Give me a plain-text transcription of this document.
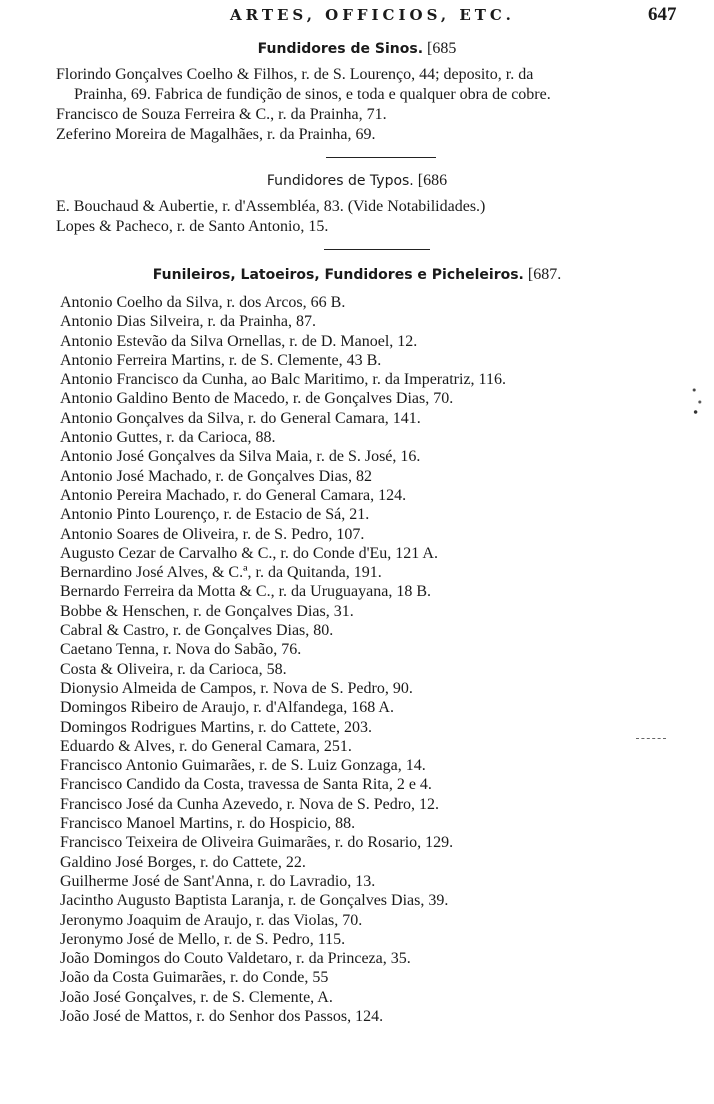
ARTES, OFFICIOS, ETC.	647
Fundidores de Sinos. [685
Florindo Gonçalves Coelho & Filhos, r. de S. Lourenço, 44; deposito, r. da
Prainha, 69. Fabrica de fundição de sinos, e toda e qualquer obra de cobre.
Francisco de Souza Ferreira & C., r. da Prainha, 71.
Zeferino Moreira de Magalhães, r. da Prainha, 69.
Fundidores de Typos. [686
E. Bouchaud & Aubertie, r. d'Assembléa, 83. (Vide Notabilidades.)
Lopes & Pacheco, r. de Santo Antonio, 15.
Funileiros, Latoeiros, Fundidores e Picheleiros. [687.
Antonio Coelho da Silva, r. dos Arcos, 66 B.
Antonio Dias Silveira, r. da Prainha, 87.
Antonio Estevão da Silva Ornellas, r. de D. Manoel, 12.
Antonio Ferreira Martins, r. de S. Clemente, 43 B.
Antonio Francisco da Cunha, ao Balc Maritimo, r. da Imperatriz, 116.
Antonio Galdino Bento de Macedo, r. de Gonçalves Dias, 70.
Antonio Gonçalves da Silva, r. do General Camara, 141.
Antonio Guttes, r. da Carioca, 88.
Antonio José Gonçalves da Silva Maia, r. de S. José, 16.
Antonio José Machado, r. de Gonçalves Dias, 82
Antonio Pereira Machado, r. do General Camara, 124.
Antonio Pinto Lourenço, r. de Estacio de Sá, 21.
Antonio Soares de Oliveira, r. de S. Pedro, 107.
Augusto Cezar de Carvalho & C., r. do Conde d'Eu, 121 A.
Bernardino José Alves, & C.ª, r. da Quitanda, 191.
Bernardo Ferreira da Motta & C., r. da Uruguayana, 18 B.
Bobbe & Henschen, r. de Gonçalves Dias, 31.
Cabral & Castro, r. de Gonçalves Dias, 80.
Caetano Tenna, r. Nova do Sabão, 76.
Costa & Oliveira, r. da Carioca, 58.
Dionysio Almeida de Campos, r. Nova de S. Pedro, 90.
Domingos Ribeiro de Araujo, r. d'Alfandega, 168 A.
Domingos Rodrigues Martins, r. do Cattete, 203.
Eduardo & Alves, r. do General Camara, 251.
Francisco Antonio Guimarães, r. de S. Luiz Gonzaga, 14.
Francisco Candido da Costa, travessa de Santa Rita, 2 e 4.
Francisco José da Cunha Azevedo, r. Nova de S. Pedro, 12.
Francisco Manoel Martins, r. do Hospicio, 88.
Francisco Teixeira de Oliveira Guimarães, r. do Rosario, 129.
Galdino José Borges, r. do Cattete, 22.
Guilherme José de Sant'Anna, r. do Lavradio, 13.
Jacintho Augusto Baptista Laranja, r. de Gonçalves Dias, 39.
Jeronymo Joaquim de Araujo, r. das Violas, 70.
Jeronymo José de Mello, r. de S. Pedro, 115.
João Domingos do Couto Valdetaro, r. da Princeza, 35.
João da Costa Guimarães, r. do Conde, 55
João José Gonçalves, r. de S. Clemente, A.
João José de Mattos, r. do Senhor dos Passos, 124.
